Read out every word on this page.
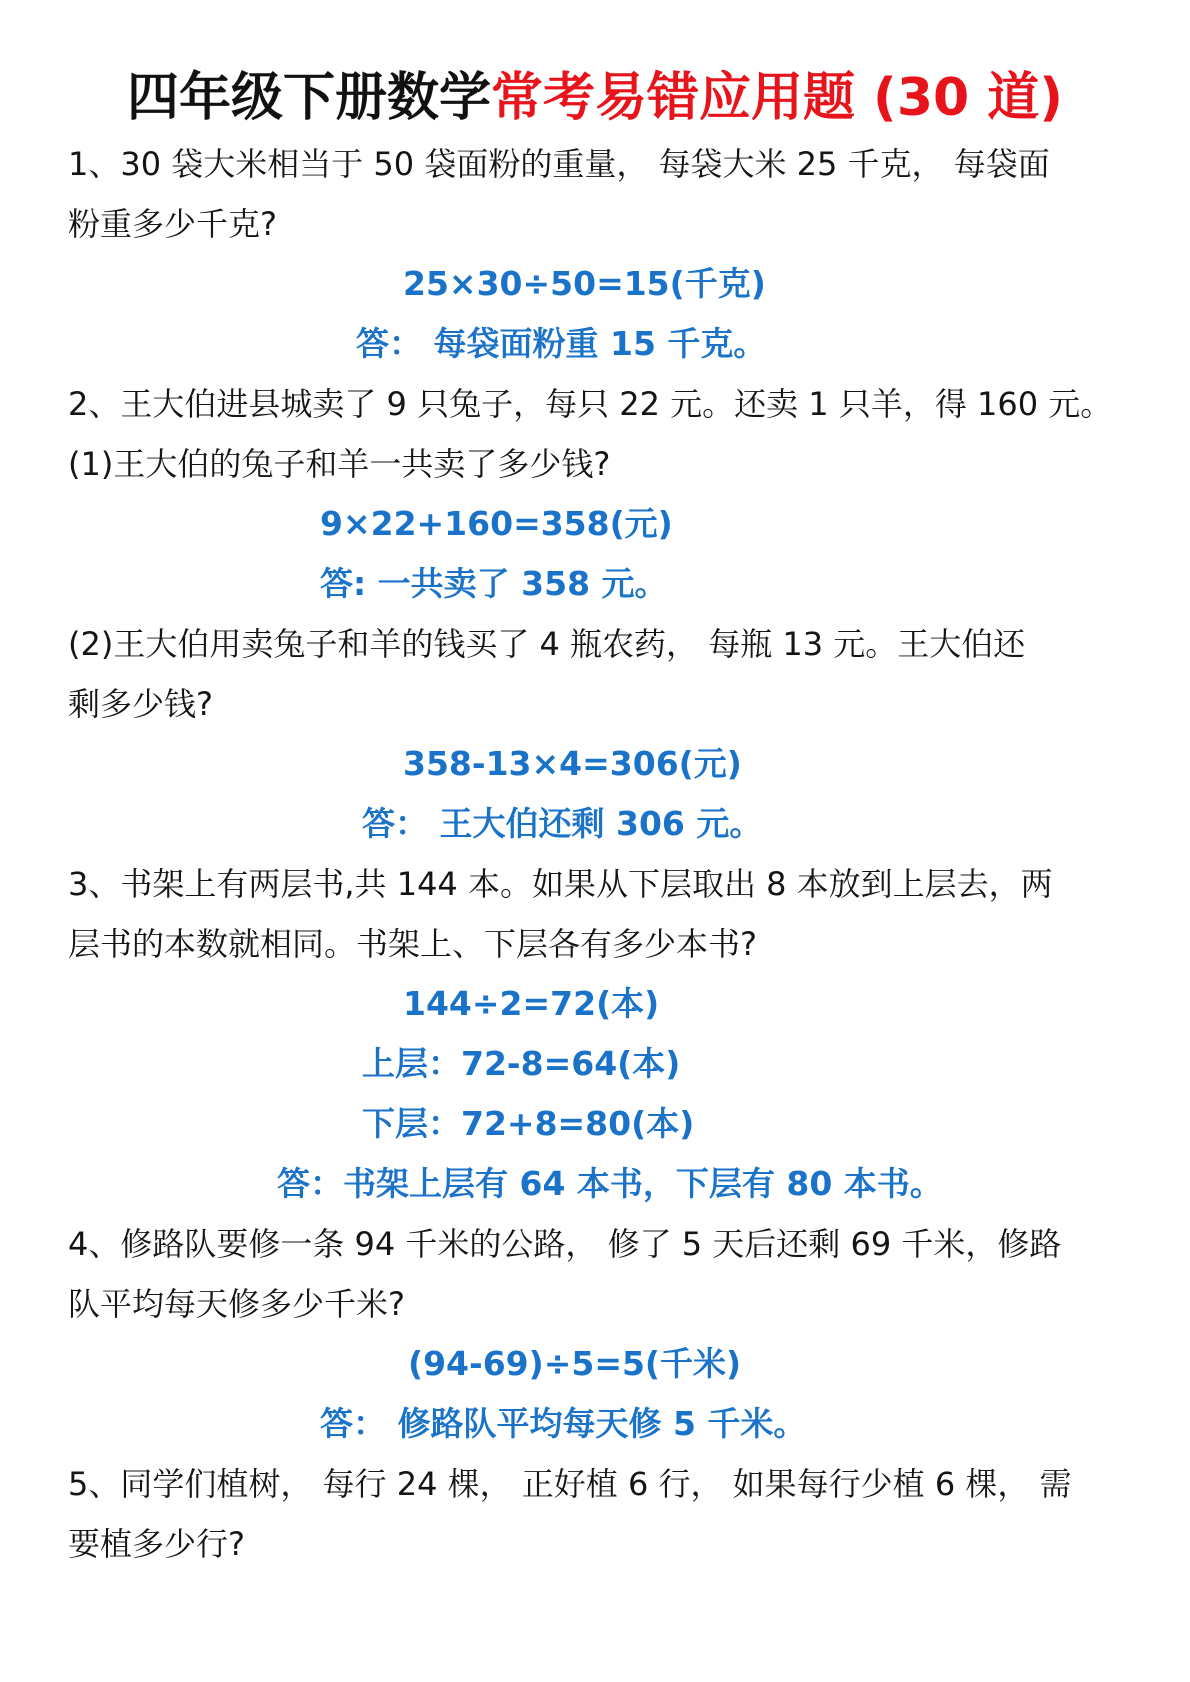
四年级下册数学常考易错应用题 (30 道)
1、30 袋大米相当于 50 袋面粉的重量， 每袋大米 25 千克， 每袋面
粉重多少千克?
25×30÷50=15(千克)
答： 每袋面粉重 15 千克。
2、王大伯进县城卖了 9 只兔子，每只 22 元。还卖 1 只羊，得 160 元。
(1)王大伯的兔子和羊一共卖了多少钱?
9×22+160=358(元)
答: 一共卖了 358 元。
(2)王大伯用卖兔子和羊的钱买了 4 瓶农药， 每瓶 13 元。王大伯还
剩多少钱?
358-13×4=306(元)
答： 王大伯还剩 306 元。
3、书架上有两层书,共 144 本。如果从下层取出 8 本放到上层去，两
层书的本数就相同。书架上、下层各有多少本书?
144÷2=72(本)
上层：72-8=64(本)
下层：72+8=80(本)
答：书架上层有 64 本书，下层有 80 本书。
4、修路队要修一条 94 千米的公路， 修了 5 天后还剩 69 千米，修路
队平均每天修多少千米?
(94-69)÷5=5(千米)
答： 修路队平均每天修 5 千米。
5、同学们植树， 每行 24 棵， 正好植 6 行， 如果每行少植 6 棵， 需
要植多少行?
